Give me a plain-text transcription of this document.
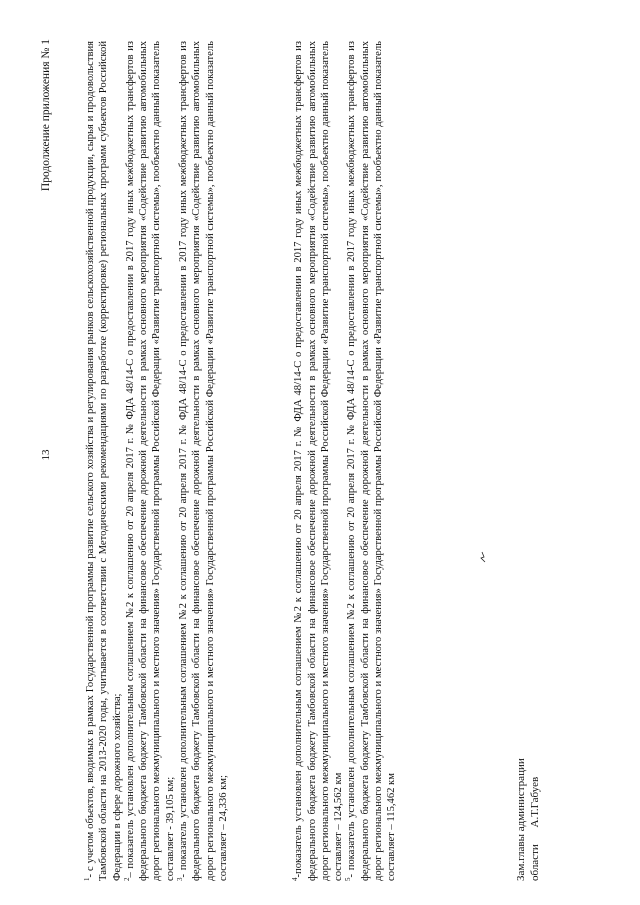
13
Продолжение приложения № 1

$^1$- с учетом объектов, вводимых в рамках Государственной программы развитие сельского хозяйства и регулирования рынков сельскохозяйственной продукции, сырья и продовольствия Тамбовской области на 2013-2020 годы, учитывается в соответствии с Методическими рекомендациями по разработке (корректировке) региональных программ субъектов Российской Федерации в сфере дорожного хозяйства; $^2$– показатель установлен дополнительным соглашением №2 к соглашению от 20 апреля 2017 г. № ФДА 48/14-С о предоставлении в 2017 году иных межбюджетных трансфертов из федерального бюджета бюджету Тамбовской области на финансовое обеспечение дорожной деятельности в рамках основного мероприятия «Содействие развитию автомобильных дорог регионального межмуниципального и местного значения» Государственной программы Российской Федерации «Развитие транспортной системы», пообъектно данный показатель составляет - 39,105 км; $^3$- показатель установлен дополнительным соглашением №2 к соглашению от 20 апреля 2017 г. № ФДА 48/14-С о предоставлении в 2017 году иных межбюджетных трансфертов из федерального бюджета бюджету Тамбовской области на финансовое обеспечение дорожной деятельности в рамках основного мероприятия «Содействие развитию автомобильных дорог регионального межмуниципального и местного значения» Государственной программы Российской Федерации «Развитие транспортной системы», пообъектно данный показатель составляет – 24,336 км;	$^4$-показатель установлен дополнительным соглашением №2 к соглашению от 20 апреля 2017 г. № ФДА 48/14-С о предоставлении в 2017 году иных межбюджетных трансфертов из федерального бюджета бюджету Тамбовской области на финансовое обеспечение дорожной деятельности в рамках основного мероприятия «Содействие развитию автомобильных дорог регионального межмуниципального и местного значения» Государственной программы Российской Федерации «Развитие транспортной системы», пообъектно данный показатель составляет – 124,562 км $^5$- показатель установлен дополнительным соглашением №2 к соглашению от 20 апреля 2017 г. № ФДА 48/14-С о предоставлении в 2017 году иных межбюджетных трансфертов из федерального бюджета бюджету Тамбовской области на финансовое обеспечение дорожной деятельности в рамках основного мероприятия «Содействие развитию автомобильных дорог регионального межмуниципального и местного значения» Государственной программы Российской Федерации «Развитие транспортной системы», пообъектно данный показатель составляет – 115,462 км	Зам.главы администрации области А.Т.Габуев
